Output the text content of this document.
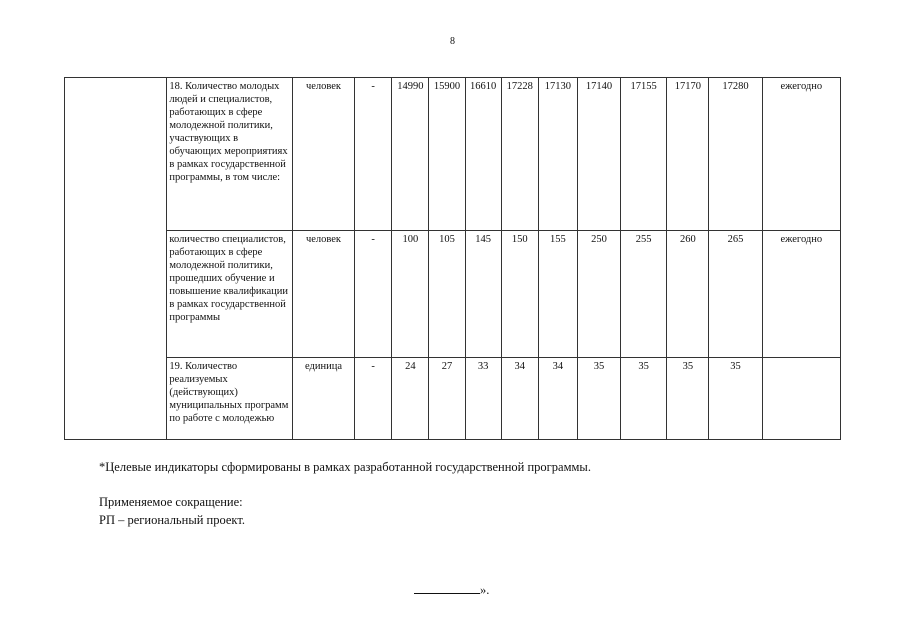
8
	18. Количество молодых людей и специалистов, работающих в сфере молодежной политики, участвующих в обучающих мероприятиях в рамках государственной программы, в том числе:	человек	-	14990	15900	16610	17228	17130	17140	17155	17170	17280	ежегодно
	количество специалистов, работающих в сфере молодежной политики, прошедших обучение и повышение квалификации в рамках государственной программы	человек	-	100	105	145	150	155	250	255	260	265	ежегодно
	19. Количество реализуемых (действующих) муниципальных программ по работе с молодежью	единица	-	24	27	33	34	34	35	35	35	35	
*Целевые индикаторы сформированы в рамках разработанной государственной программы.
Применяемое сокращение:
РП – региональный проект.
».
